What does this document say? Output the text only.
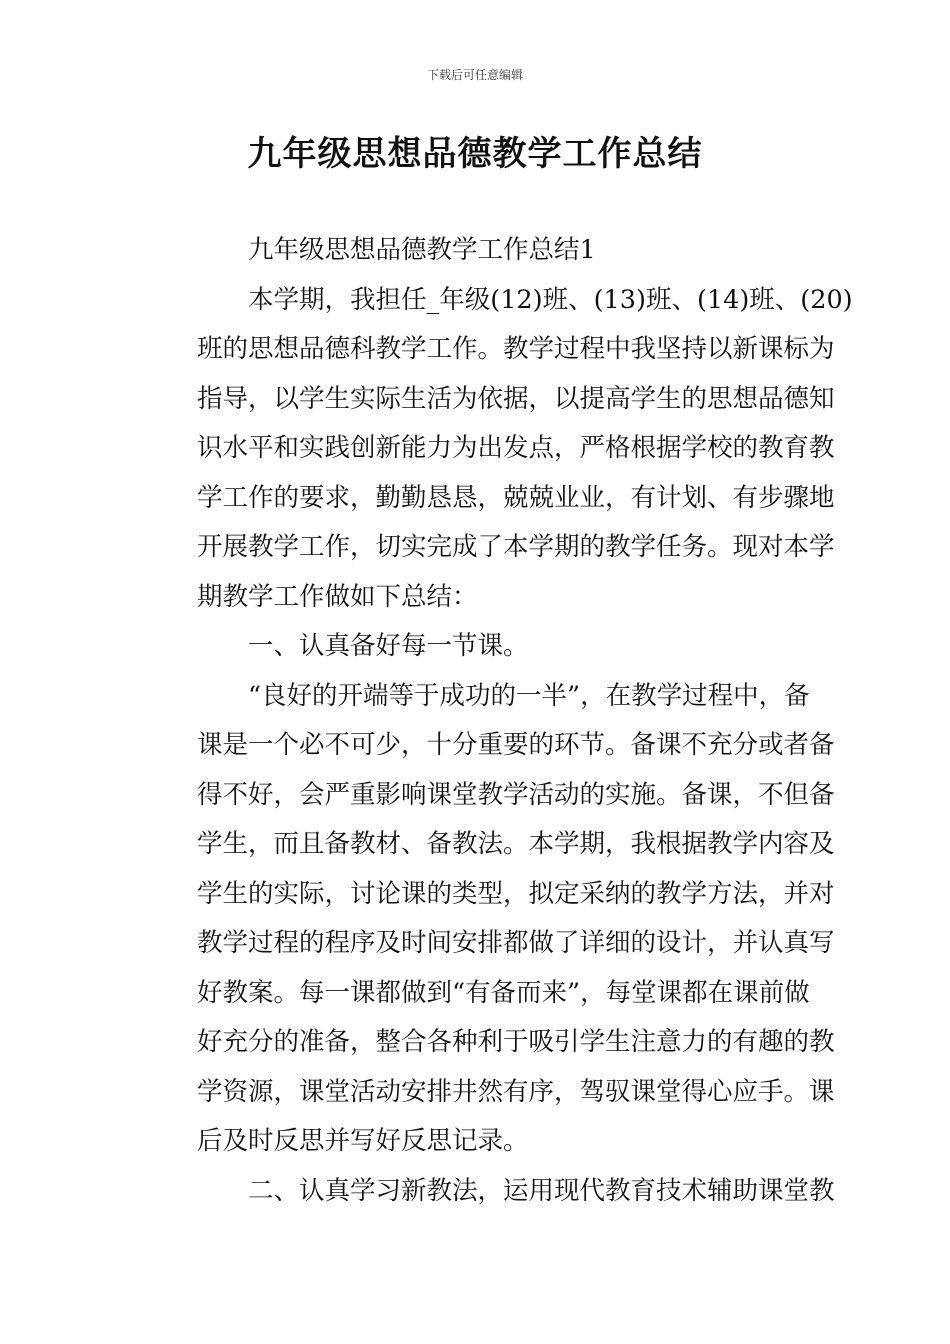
下载后可任意编辑
九年级思想品德教学工作总结
九年级思想品德教学工作总结1
本学期，我担任_年级(12)班、(13)班、(14)班、(20)
班的思想品德科教学工作。教学过程中我坚持以新课标为
指导，以学生实际生活为依据，以提高学生的思想品德知
识水平和实践创新能力为出发点，严格根据学校的教育教
学工作的要求，勤勤恳恳，兢兢业业，有计划、有步骤地
开展教学工作，切实完成了本学期的教学任务。现对本学
期教学工作做如下总结：
一、认真备好每一节课。
“良好的开端等于成功的一半”，在教学过程中，备
课是一个必不可少，十分重要的环节。备课不充分或者备
得不好，会严重影响课堂教学活动的实施。备课，不但备
学生，而且备教材、备教法。本学期，我根据教学内容及
学生的实际，讨论课的类型，拟定采纳的教学方法，并对
教学过程的程序及时间安排都做了详细的设计，并认真写
好教案。每一课都做到“有备而来”，每堂课都在课前做
好充分的准备，整合各种利于吸引学生注意力的有趣的教
学资源，课堂活动安排井然有序，驾驭课堂得心应手。课
后及时反思并写好反思记录。
二、认真学习新教法，运用现代教育技术辅助课堂教
